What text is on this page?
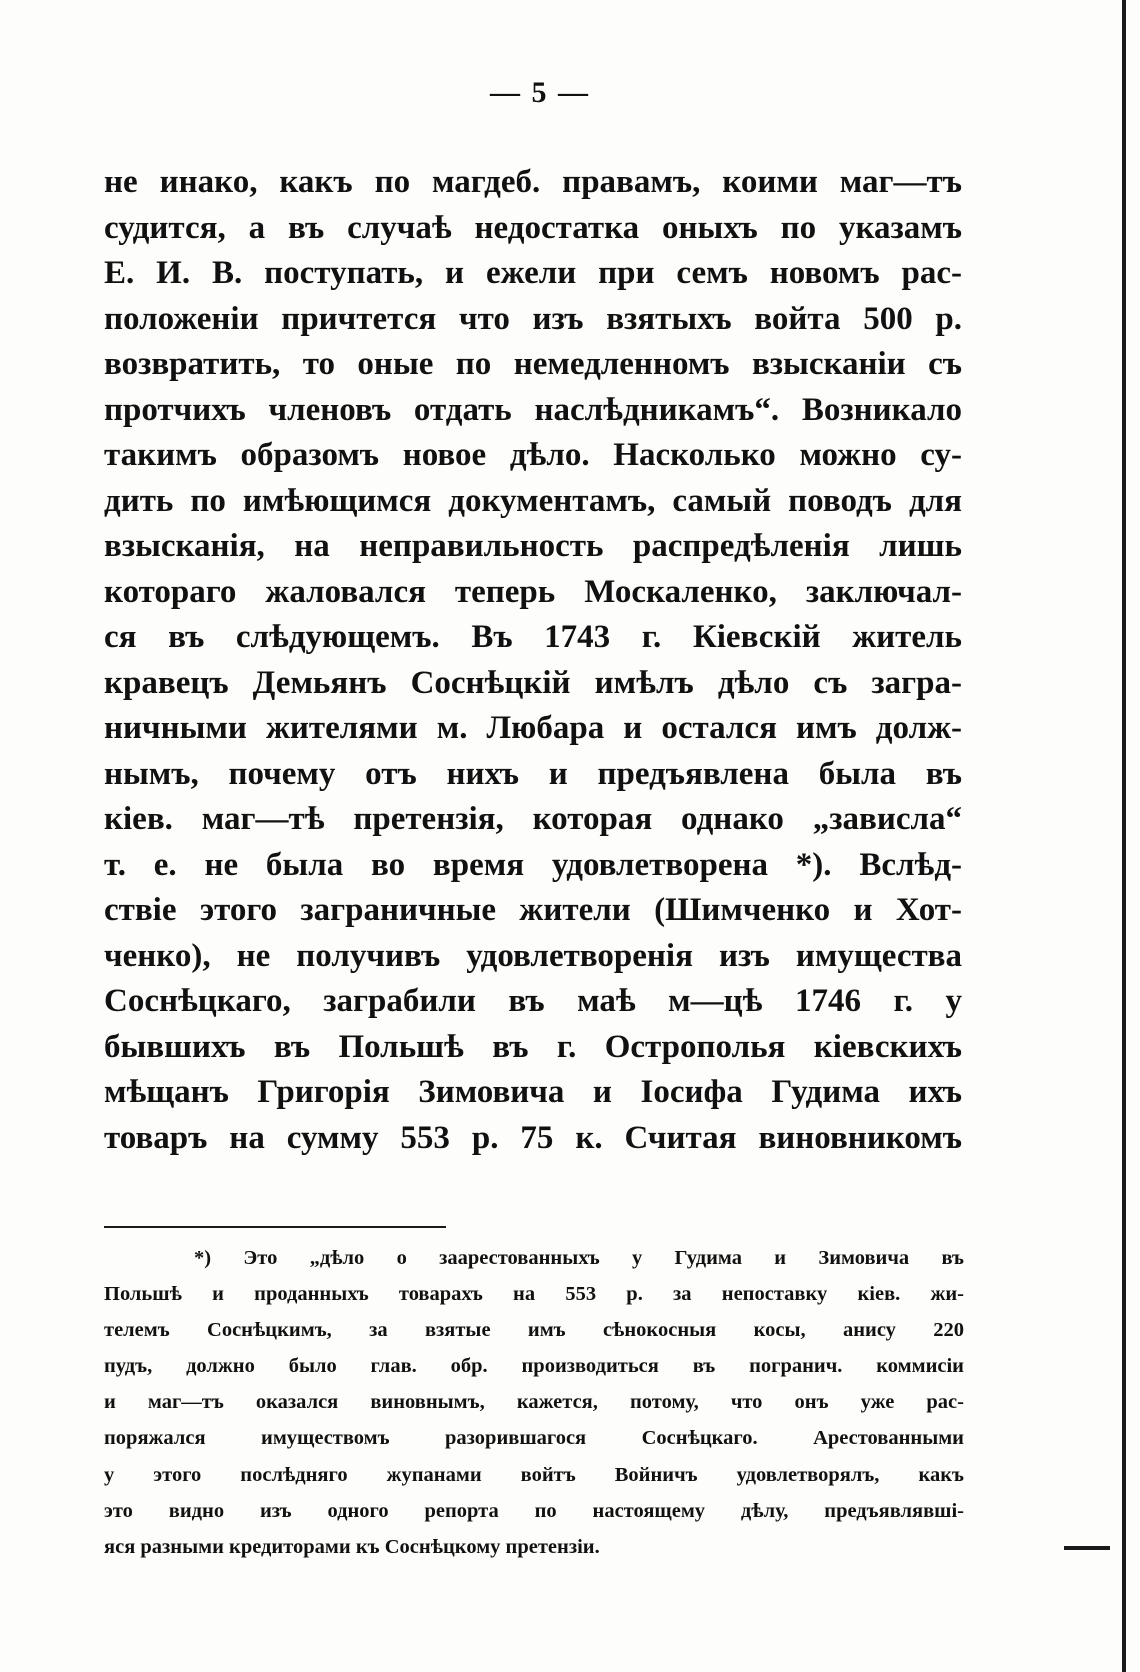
— 5 —
не инако, какъ по магдеб. правамъ, коими маг—тъ
судится, а въ случаѣ недостатка оныхъ по указамъ
Е. И. В. поступать, и ежели при семъ новомъ рас-
положеніи причтется что изъ взятыхъ войта 500 р.
возвратить, то оные по немедленномъ взысканіи съ
протчихъ членовъ отдать наслѣдникамъ“. Возникало
такимъ образомъ новое дѣло. Насколько можно су-
дить по имѣющимся документамъ, самый поводъ для
взысканія, на неправильность распредѣленія лишь
котораго жаловался теперь Москаленко, заключал-
ся въ слѣдующемъ. Въ 1743 г. Кіевскій житель
кравецъ Демьянъ Соснѣцкій имѣлъ дѣло съ загра-
ничными жителями м. Любара и остался имъ долж-
нымъ, почему отъ нихъ и предъявлена была въ
кіев. маг—тѣ претензія, которая однако „зависла“
т. е. не была во время удовлетворена *). Вслѣд-
ствіе этого заграничные жители (Шимченко и Хот-
ченко), не получивъ удовлетворенія изъ имущества
Соснѣцкаго, заграбили въ маѣ м—цѣ 1746 г. у
бывшихъ въ Польшѣ въ г. Острополья кіевскихъ
мѣщанъ Григорія Зимовича и Іосифа Гудима ихъ
товаръ на сумму 553 р. 75 к. Считая виновникомъ
*) Это „дѣло о заарестованныхъ у Гудима и Зимовича въ
Польшѣ и проданныхъ товарахъ на 553 р. за непоставку кіев. жи-
телемъ Соснѣцкимъ, за взятые имъ сѣнокосныя косы, анису 220
пудъ, должно было глав. обр. производиться въ погранич. коммисіи
и маг—тъ оказался виновнымъ, кажется, потому, что онъ уже рас-
поряжался имуществомъ разорившагося Соснѣцкаго. Арестованными
у этого послѣдняго жупанами войтъ Войничъ удовлетворялъ, какъ
это видно изъ одного репорта по настоящему дѣлу, предъявлявші-
яся разными кредиторами къ Соснѣцкому претензіи.
